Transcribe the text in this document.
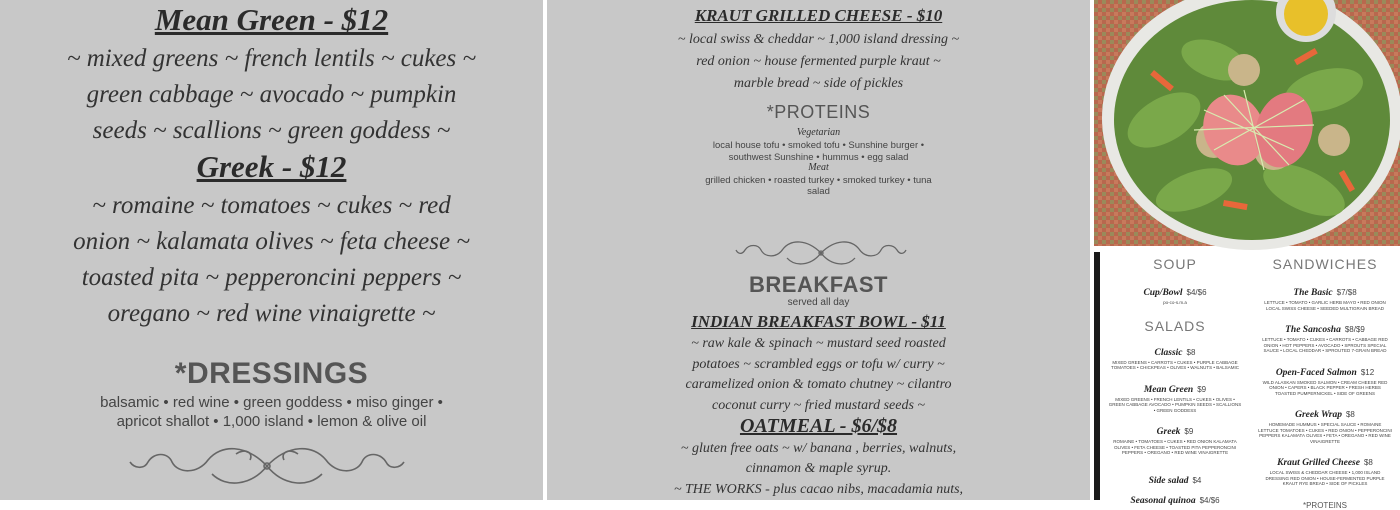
Mean Green - $12
~ mixed greens ~ french lentils ~ cukes ~
green cabbage ~ avocado ~ pumpkin
seeds ~ scallions ~ green goddess ~
Greek - $12
~ romaine ~ tomatoes ~ cukes ~ red
onion ~ kalamata olives ~ feta cheese ~
toasted pita ~ pepperoncini peppers ~
oregano ~ red wine vinaigrette ~
*DRESSINGS
balsamic • red wine • green goddess • miso ginger •
apricot shallot • 1,000 island • lemon & olive oil
KRAUT GRILLED CHEESE - $10
~ local swiss & cheddar ~ 1,000 island dressing ~
red onion ~ house fermented purple kraut ~
marble bread ~ side of pickles
*PROTEINS
Vegetarian
local house tofu • smoked tofu • Sunshine burger •
southwest Sunshine • hummus • egg salad
Meat
grilled chicken • roasted turkey • smoked turkey • tuna
salad
BREAKFAST
served all day
INDIAN BREAKFAST BOWL - $11
~ raw kale & spinach ~ mustard seed roasted
potatoes ~ scrambled eggs or tofu w/ curry ~
caramelized onion & tomato chutney ~ cilantro
coconut curry ~ fried mustard seeds ~
OATMEAL - $6/$8
~ gluten free oats ~ w/ banana , berries, walnuts,
cinnamon & maple syrup.
~ THE WORKS - plus cacao nibs, macadamia nuts,
SOUP
Cup/Bowl $4/$6
po-co-s.m.a
SALADS
Classic $8
MIXED GREENS • CARROTS • CUKES • PURPLE CABBAGE TOMATOES • CHICKPEAS • OLIVES • WALNUTS • BALSAMIC
Mean Green $9
MIXED GREENS • FRENCH LENTILS • CUKES • OLIVES • GREEN CABBAGE AVOCADO • PUMPKIN SEEDS • SCALLIONS • GREEN GODDESS
Greek $9
ROMAINE • TOMATOES • CUKES • RED ONION KALAMATA OLIVES • FETA CHEESE • TOASTED PITA PEPPERONCINI PEPPERS • OREGANO • RED WINE VINAIGRETTE
Side salad $4
Seasonal quinoa $4/$6
SANDWICHES
The Basic $7/$8
LETTUCE • TOMATO • GARLIC HERB MAYO • RED ONION LOCAL SWISS CHEESE • SEEDED MULTIGRAIN BREAD
The Sancosha $8/$9
LETTUCE • TOMATO • CUKES • CARROTS • CABBAGE RED ONION • HOT PEPPERS • AVOCADO • SPROUTS SPECIAL SAUCE • LOCAL CHEDDAR • SPROUTED 7-GRAIN BREAD
Open-Faced Salmon $12
WILD ALASKAN SMOKED SALMON • CREAM CHEESE RED ONION • CAPERS • BLACK PEPPER • FRESH HERBS TOASTED PUMPERNICKEL • SIDE OF GREENS
Greek Wrap $8
HOMEMADE HUMMUS • SPECIAL SAUCE • ROMAINE LETTUCE TOMATOES • CUKES • RED ONION • PEPPERONCINI PEPPERS KALAMATA OLIVES • FETA • OREGANO • RED WINE VINAIGRETTE
Kraut Grilled Cheese $8
LOCAL SWISS & CHEDDAR CHEESE • 1,000 ISLAND DRESSING RED ONION • HOUSE-FERMENTED PURPLE KRAUT RYE BREAD • SIDE OF PICKLES
*PROTEINS
